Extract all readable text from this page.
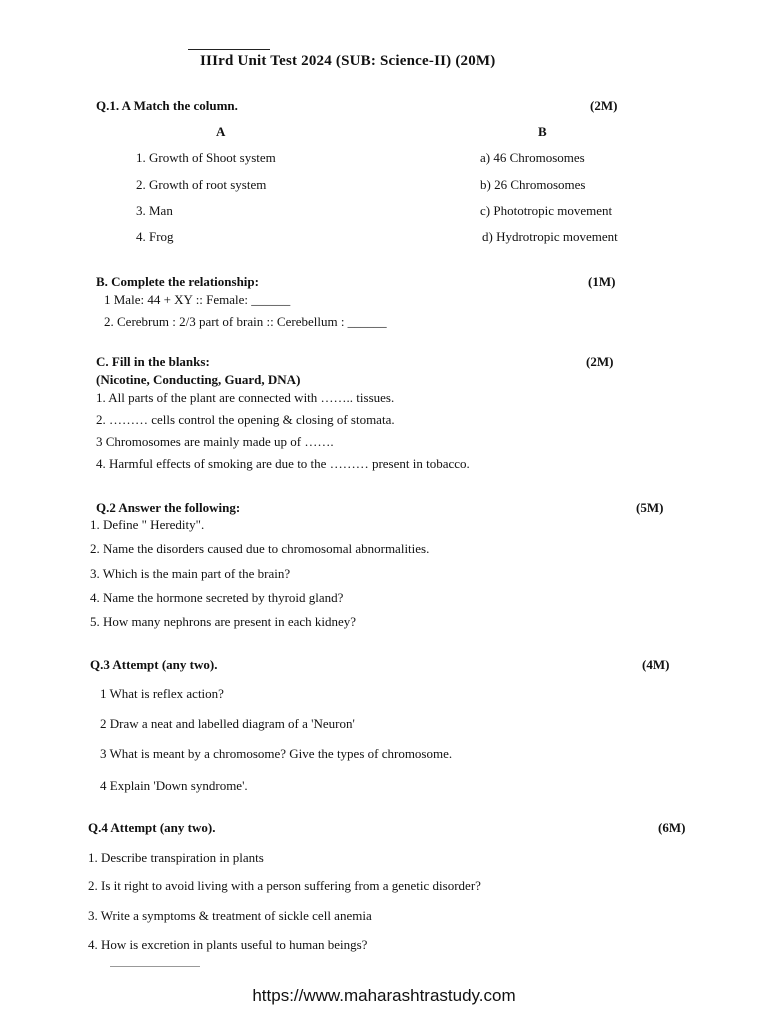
IIIrd Unit Test 2024 (SUB: Science-II) (20M)
Q.1. A Match the column.	(2M)
A	B
1. Growth of Shoot system	a) 46 Chromosomes
2. Growth of root system	b) 26 Chromosomes
3. Man	c) Phototropic movement
4. Frog	d) Hydrotropic movement
B. Complete the relationship:	(1M)
1 Male: 44 + XY :: Female: ______
2. Cerebrum : 2/3 part of brain :: Cerebellum : ______
C. Fill in the blanks:	(2M)
(Nicotine, Conducting, Guard, DNA)
1. All parts of the plant are connected with …….. tissues.
2. ……… cells control the opening & closing of stomata.
3 Chromosomes are mainly made up of …….
4. Harmful effects of smoking are due to the ……… present in tobacco.
Q.2 Answer the following:	(5M)
1. Define " Heredity".
2. Name the disorders caused due to chromosomal abnormalities.
3. Which is the main part of the brain?
4. Name the hormone secreted by thyroid gland?
5. How many nephrons are present in each kidney?
Q.3 Attempt (any two).	(4M)
1 What is reflex action?
2 Draw a neat and labelled diagram of a 'Neuron'
3 What is meant by a chromosome? Give the types of chromosome.
4 Explain 'Down syndrome'.
Q.4 Attempt (any two).	(6M)
1. Describe transpiration in plants
2. Is it right to avoid living with a person suffering from a genetic disorder?
3. Write a symptoms & treatment of sickle cell anemia
4. How is excretion in plants useful to human beings?
https://www.maharashtrastudy.com
